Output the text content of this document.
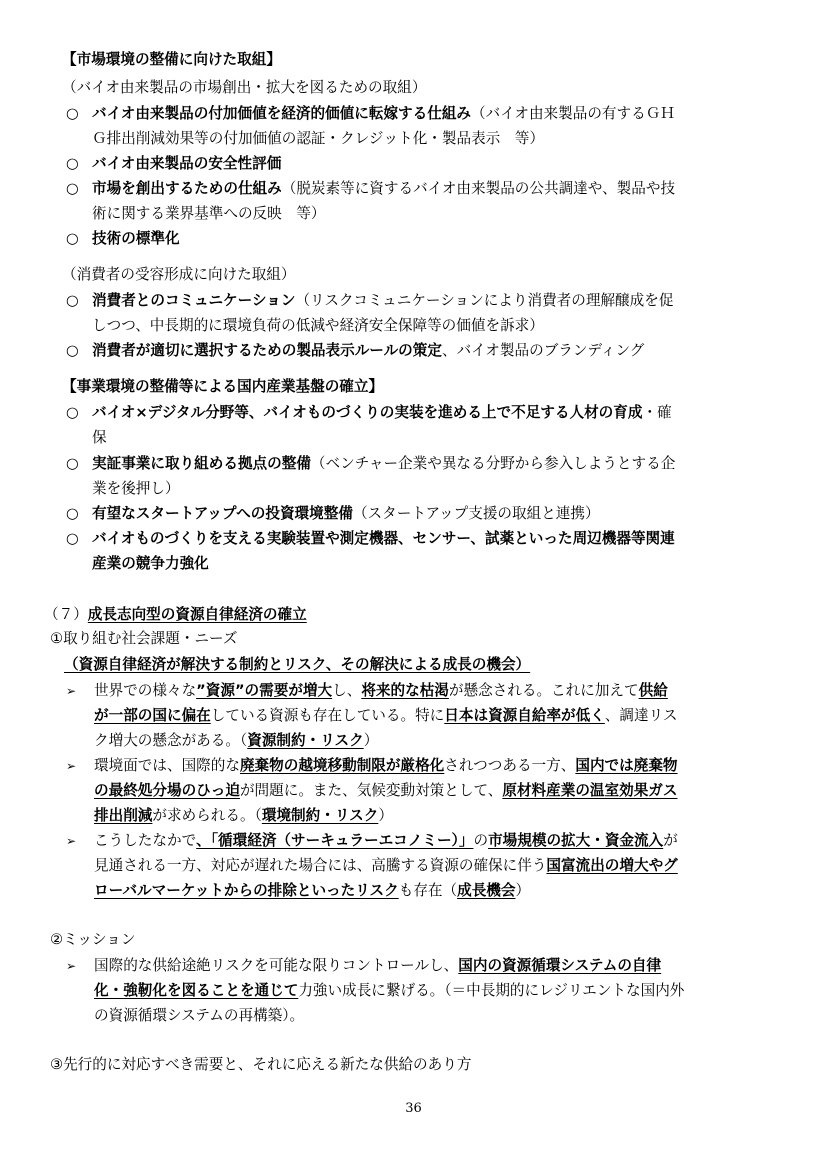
【市場環境の整備に向けた取組】
（バイオ由来製品の市場創出・拡大を図るための取組）
○ バイオ由来製品の付加価値を経済的価値に転嫁する仕組み（バイオ由来製品の有するＧＨ
Ｇ排出削減効果等の付加価値の認証・クレジット化・製品表示　等）
○ バイオ由来製品の安全性評価
○ 市場を創出するための仕組み（脱炭素等に資するバイオ由来製品の公共調達や、製品や技
術に関する業界基準への反映　等）
○ 技術の標準化
（消費者の受容形成に向けた取組）
○ 消費者とのコミュニケーション（リスクコミュニケーションにより消費者の理解醸成を促
しつつ、中長期的に環境負荷の低減や経済安全保障等の価値を訴求）
○ 消費者が適切に選択するための製品表示ルールの策定、バイオ製品のブランディング
【事業環境の整備等による国内産業基盤の確立】
○ バイオ×デジタル分野等、バイオものづくりの実装を進める上で不足する人材の育成・確
保
○ 実証事業に取り組める拠点の整備（ベンチャー企業や異なる分野から参入しようとする企
業を後押し）
○ 有望なスタートアップへの投資環境整備（スタートアップ支援の取組と連携）
○ バイオものづくりを支える実験装置や測定機器、センサー、試薬といった周辺機器等関連
産業の競争力強化
（７）成長志向型の資源自律経済の確立
①取り組む社会課題・ニーズ
（資源自律経済が解決する制約とリスク、その解決による成長の機会）
➢ 世界での様々な”資源”の需要が増大し、将来的な枯渇が懸念される。これに加えて供給
が一部の国に偏在している資源も存在している。特に日本は資源自給率が低く、調達リス
ク増大の懸念がある。（資源制約・リスク）
➢ 環境面では、国際的な廃棄物の越境移動制限が厳格化されつつある一方、国内では廃棄物
の最終処分場のひっ迫が問題に。また、気候変動対策として、原材料産業の温室効果ガス
排出削減が求められる。（環境制約・リスク）
➢ こうしたなかで、「循環経済（サーキュラーエコノミー）」の市場規模の拡大・資金流入が
見通される一方、対応が遅れた場合には、高騰する資源の確保に伴う国富流出の増大やグ
ローバルマーケットからの排除といったリスクも存在（成長機会）
②ミッション
➢ 国際的な供給途絶リスクを可能な限りコントロールし、国内の資源循環システムの自律
化・強靭化を図ることを通じて力強い成長に繋げる。（＝中長期的にレジリエントな国内外
の資源循環システムの再構築）。
③先行的に対応すべき需要と、それに応える新たな供給のあり方
36
